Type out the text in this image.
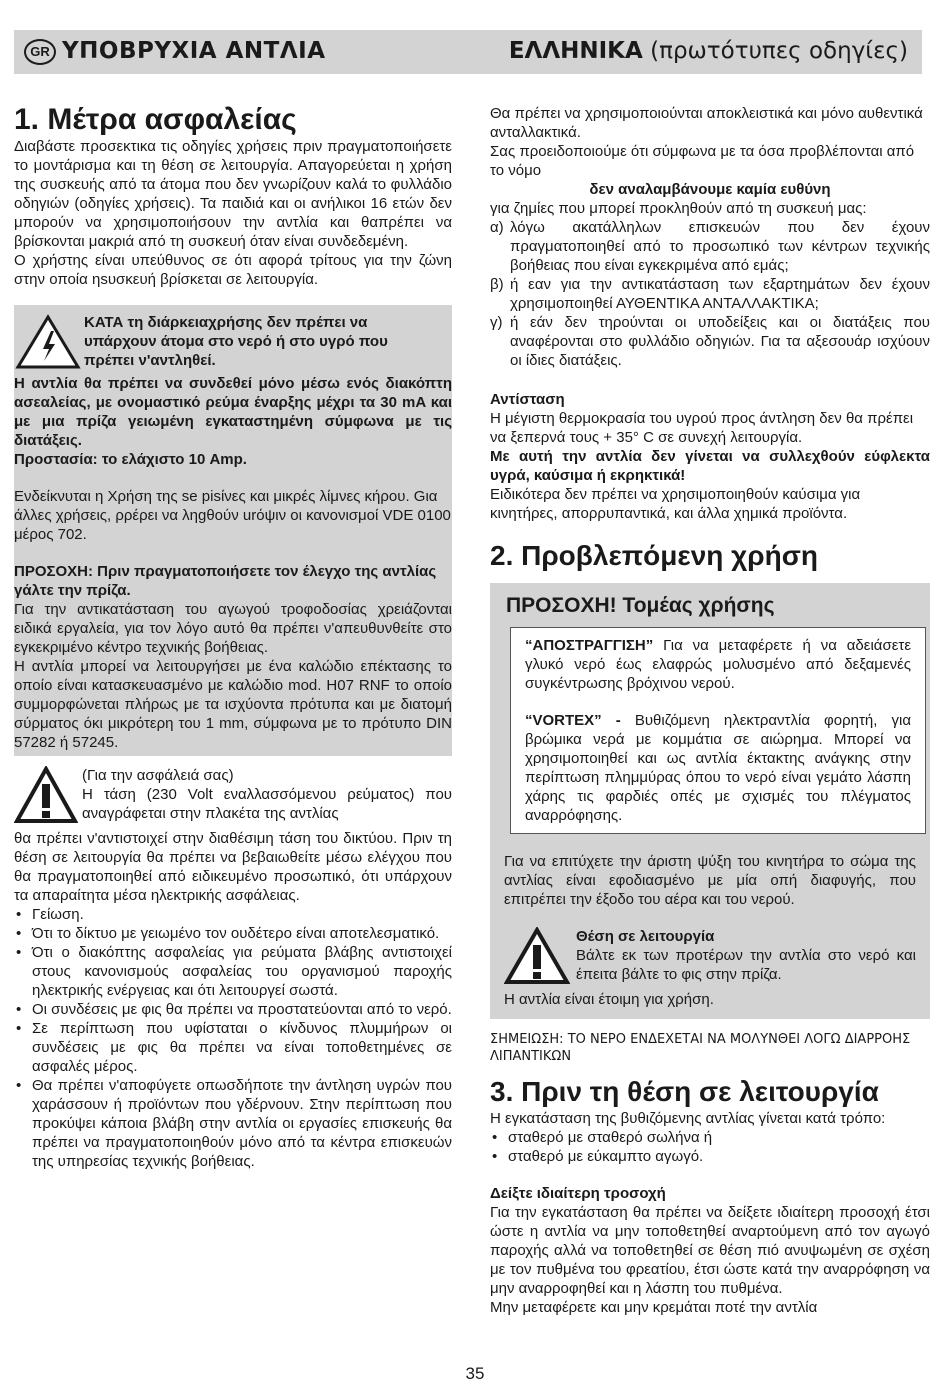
GR ΥΠΟΒΡΥΧΙΑ ΑΝΤΛΙΑ	ΕΛΛΗΝΙΚΑ (πρωτότυπες οδηγίες)
1. Μέτρα ασφαλείας

Διαβάστε προσεκτικα τις οδηγίες χρήσεις πριν πραγματοποιήσετε το μοντάρισμα και τη θέση σε λειτουργία. Απαγορεύεται η χρήση της συσκευής από τα άτομα που δεν γνωρίζουν καλά το φυλλάδιο οδηγιών (οδηγίες χρήσεις). Τα παιδιά και οι ανήλικοι 16 ετών δεν μπορούν να χρησιμοποιήσουν την αντλία και θαπρέπει να βρίσκονται μακριά από τη συσκευή όταν είναι συνδεδεμένη.

Ο χρήστης είναι υπεύθυνος σε ότι αφορά τρίτους για την ζώνη στην οποία ηsυσκευή βρίσκεται σε λειτουργία.

ΚΑΤΑ τη διάρκειαχρήσης δεν πρέπει να υπάρχουν άτομα στο νερό ή στο υγρό που πρέπει ν'αντληθεί.

Η αντλία θα πρέπει να συνδεθεί μόνο μέσω ενός διακόπτη ασεαλείας, με ονομαστικό ρεύμα έναρξης μέχρι τα 30 mA και με μια πρίζα γειωμένη εγκαταστημένη σύμφωνα με τις διατάξεις.

Προστασία: το ελάχιστο 10 Amp.

Ενδείκνυται η Χρήση της se pisίνες και μικρές λίμνες κήρου. Gια άλλες χρήσεις, ρρέρει να ληgθούν urόψιν οι κανονισμοί VDE 0100 μέρος 702.

ΠΡΟΣΟΧΗ: Πριν πραγματοποιήσετε τον έλεγχο της αντλίας γάλτε την πρίζα.

Για την αντικατάσταση του αγωγού τροφοδοσίας χρειάζονται ειδικά εργαλεία, για τον λόγο αυτό θα πρέπει ν'απευθυνθείτε στο εγκεκριμένο κέντρο τεχνικής βοήθειας.

Η αντλία μπορεί να λειτουργήσει με ένα καλώδιο επέκτασης το οποίο είναι κατασκευασμένο με καλώδιο mod. H07 RNF το οποίο συμμορφώνεται πλήρως με τα ισχύοντα πρότυπα και με διατομή σύρματος όκι μικρότερη του 1 mm, σύμφωνα με το πρότυπο DIN 57282 ή 57245.

(Για την ασφάλειά σας)

Η τάση (230 Volt εναλλασσόμενου ρεύματος) που αναγράφεται στην πλακέτα της αντλίας

θα πρέπει ν'αντιστοιχεί στην διαθέσιμη τάση του δικτύου. Πριν τη θέση σε λειτουργία θα πρέπει να βεβαιωθείτε μέσω ελέγχου που θα πραγματοποιηθεί από ειδικευμένο προσωπικό, ότι υπάρχουν τα απαραίτητα μέσα ηλεκτρικής ασφάλειας.

• Γείωση.
• Ότι το δίκτυο με γειωμένο τον ουδέτερο είναι αποτελεσματικό.
• Ότι ο διακόπτης ασφαλείας για ρεύματα βλάβης αντιστοιχεί στους κανονισμούς ασφαλείας του οργανισμού παροχής ηλεκτρικής ενέργειας και ότι λειτουργεί σωστά.
• Οι συνδέσεις με φις θα πρέπει να προστατεύονται από το νερό.
• Σε περίπτωση που υφίσταται ο κίνδυνος πλυμμήρων οι συνδέσεις με φις θα πρέπει να είναι τοποθετημένες σε ασφαλές μέρος.
• Θα πρέπει ν'αποφύγετε οπωσδήποτε την άντληση υγρών που χαράσσουν ή προϊόντων που γδέρνουν. Στην περίπτωση που προκύψει κάποια βλάβη στην αντλία οι εργασίες επισκευής θα πρέπει να πραγματοποιηθούν μόνο από τα κέντρα επισκευών της υπηρεσίας τεχνικής βοήθειας.

Θα πρέπει να χρησιμοποιούνται αποκλειστικά και μόνο αυθεντικά ανταλλακτικά.

Σας προειδοποιούμε ότι σύμφωνα με τα όσα προβλέπονται από το νόμο

δεν αναλαμβάνουμε καμία ευθύνη

για ζημίες που μπορεί προκληθούν από τη συσκευή μας:

α) λόγω ακατάλληλων επισκευών που δεν έχουν πραγματοποιηθεί από το προσωπικό των κέντρων τεχνικής βοήθειας που είναι εγκεκριμένα από εμάς;
β) ή εαν για την αντικατάσταση των εξαρτημάτων δεν έχουν χρησιμοποιηθεί ΑΥΘΕΝΤΙΚΑ ΑΝΤΑΛΛΑΚΤΙΚΑ;
γ) ή εάν δεν τηρούνται οι υποδείξεις και οι διατάξεις που αναφέρονται στο φυλλάδιο οδηγιών. Για τα αξεσουάρ ισχύουν οι ίδιες διατάξεις.

Αντίσταση

Η μέγιστη θερμοκρασία του υγρού προς άντληση δεν θα πρέπει να ξεπερνά τους + 35° C σε συνεχή λειτουργία.

Με αυτή την αντλία δεν γίνεται να συλλεχθούν εύφλεκτα υγρά, καύσιμα ή εκρηκτικά!

Ειδικότερα δεν πρέπει να χρησιμοποιηθούν καύσιμα για κινητήρες, απορρυπαντικά, και άλλα χημικά προϊόντα.

2. Προβλεπόμενη χρήση

ΠΡΟΣΟΧΗ! Τομέας χρήσης

“ΑΠΟΣΤΡΑΓΓΙΣΗ” Για να μεταφέρετε ή να αδειάσετε γλυκό νερό έως ελαφρώς μολυσμένο από δεξαμενές συγκέντρωσης βρόχινου νερού.

“VORTEX” - Βυθιζόμενη ηλεκτραντλία φορητή, για βρώμικα νερά με κομμάτια σε αιώρημα. Μπορεί να χρησιμοποιηθεί και ως αντλία έκτακτης ανάγκης στην περίπτωση πλημμύρας όπου το νερό είναι γεμάτο λάσπη χάρης τις φαρδιές οπές με σχισμές του πλέγματος αναρρόφησης.

Για να επιτύχετε την άριστη ψύξη του κινητήρα το σώμα της αντλίας είναι εφοδιασμένο με μία οπή διαφυγής, που επιτρέπει την έξοδο του αέρα και του νερού.

Θέση σε λειτουργία

Βάλτε εκ των προτέρων την αντλία στο νερό και έπειτα βάλτε το φις στην πρίζα.

Η αντλία είναι έτοιμη για χρήση.

ΣΗΜΕΙΩΣΗ: ΤΟ ΝΕΡΟ ΕΝΔΕΧΕΤΑΙ ΝΑ ΜΟΛΥΝΘΕΙ ΛΟΓΩ ΔΙΑΡΡΟΗΣ ΛΙΠΑΝΤΙΚΩΝ

3. Πριν τη θέση σε λειτουργία

Η εγκατάσταση της βυθιζόμενης αντλίας γίνεται κατά τρόπο:

• σταθερό με σταθερό σωλήνα ή
• σταθερό με εύκαμπτο αγωγό.

Δείξτε ιδιαίτερη τροσοχή

Για την εγκατάσταση θα πρέπει να δείξετε ιδιαίτερη προσοχή έτσι ώστε η αντλία να μην τοποθετηθεί αναρτούμενη από τον αγωγό παροχής αλλά να τοποθετηθεί σε θέση πιό ανυψωμένη σε σχέση με τον πυθμένα του φρεατίου, έτσι ώστε κατά την αναρρόφηση να μην αναρροφηθεί και η λάσπη του πυθμένα.

Μην μεταφέρετε και μην κρεμάται ποτέ την αντλία

35
